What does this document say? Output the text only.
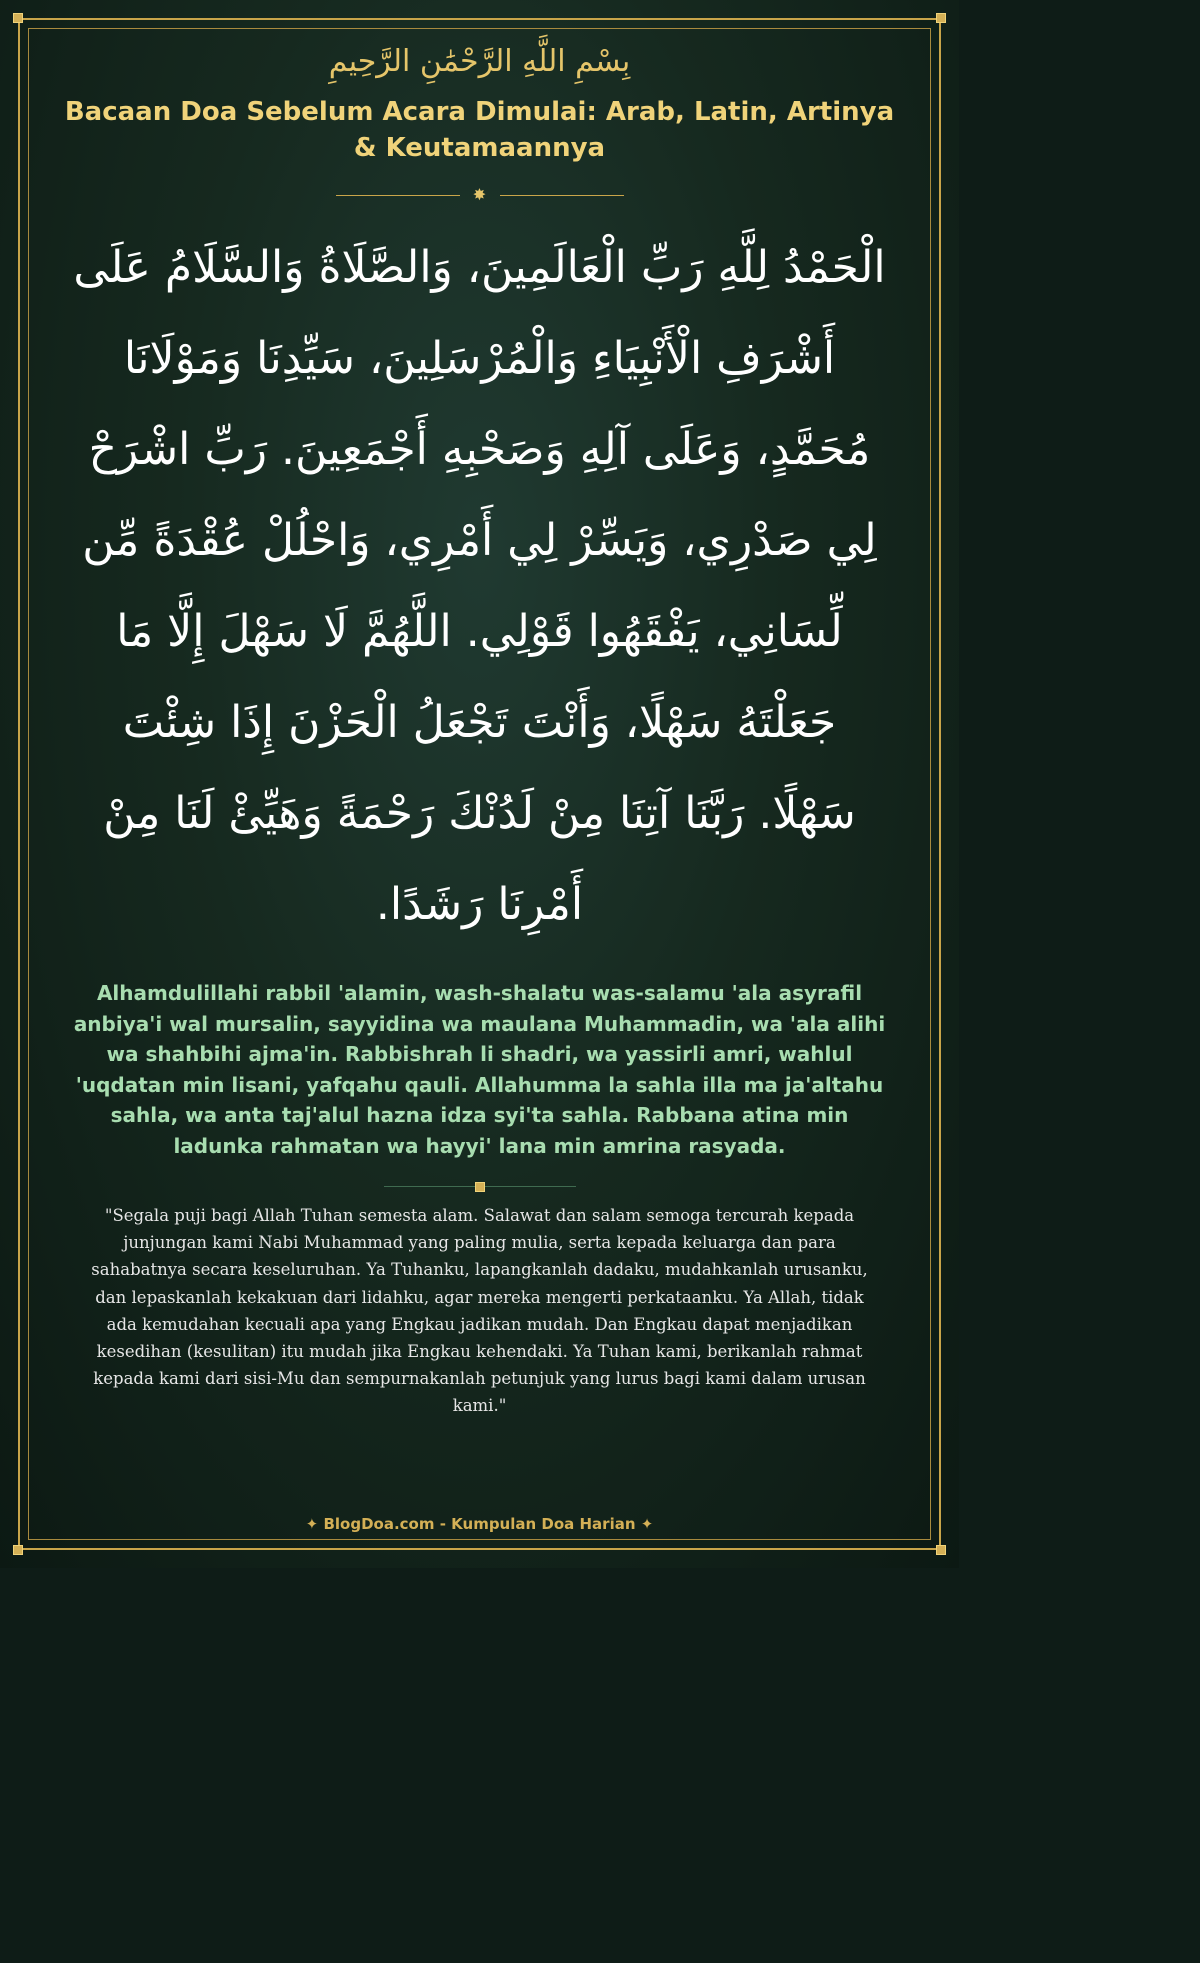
بِسْمِ اللَّهِ الرَّحْمَٰنِ الرَّحِيمِ
Bacaan Doa Sebelum Acara Dimulai: Arab, Latin, Artinya & Keutamaannya
✸
الْحَمْدُ لِلَّهِ رَبِّ الْعَالَمِينَ، وَالصَّلَاةُ وَالسَّلَامُ عَلَى أَشْرَفِ الْأَنْبِيَاءِ وَالْمُرْسَلِينَ، سَيِّدِنَا وَمَوْلَانَا مُحَمَّدٍ، وَعَلَى آلِهِ وَصَحْبِهِ أَجْمَعِينَ. رَبِّ اشْرَحْ لِي صَدْرِي، وَيَسِّرْ لِي أَمْرِي، وَاحْلُلْ عُقْدَةً مِّن لِّسَانِي، يَفْقَهُوا قَوْلِي. اللَّهُمَّ لَا سَهْلَ إِلَّا مَا جَعَلْتَهُ سَهْلًا، وَأَنْتَ تَجْعَلُ الْحَزْنَ إِذَا شِئْتَ سَهْلًا. رَبَّنَا آتِنَا مِنْ لَدُنْكَ رَحْمَةً وَهَيِّئْ لَنَا مِنْ أَمْرِنَا رَشَدًا.
Alhamdulillahi rabbil 'alamin, wash-shalatu was-salamu 'ala asyrafil anbiya'i wal mursalin, sayyidina wa maulana Muhammadin, wa 'ala alihi wa shahbihi ajma'in. Rabbishrah li shadri, wa yassirli amri, wahlul 'uqdatan min lisani, yafqahu qauli. Allahumma la sahla illa ma ja'altahu sahla, wa anta taj'alul hazna idza syi'ta sahla. Rabbana atina min ladunka rahmatan wa hayyi' lana min amrina rasyada.
"Segala puji bagi Allah Tuhan semesta alam. Salawat dan salam semoga tercurah kepada junjungan kami Nabi Muhammad yang paling mulia, serta kepada keluarga dan para sahabatnya secara keseluruhan. Ya Tuhanku, lapangkanlah dadaku, mudahkanlah urusanku, dan lepaskanlah kekakuan dari lidahku, agar mereka mengerti perkataanku. Ya Allah, tidak ada kemudahan kecuali apa yang Engkau jadikan mudah. Dan Engkau dapat menjadikan kesedihan (kesulitan) itu mudah jika Engkau kehendaki. Ya Tuhan kami, berikanlah rahmat kepada kami dari sisi-Mu dan sempurnakanlah petunjuk yang lurus bagi kami dalam urusan kami."
✦ BlogDoa.com - Kumpulan Doa Harian ✦
